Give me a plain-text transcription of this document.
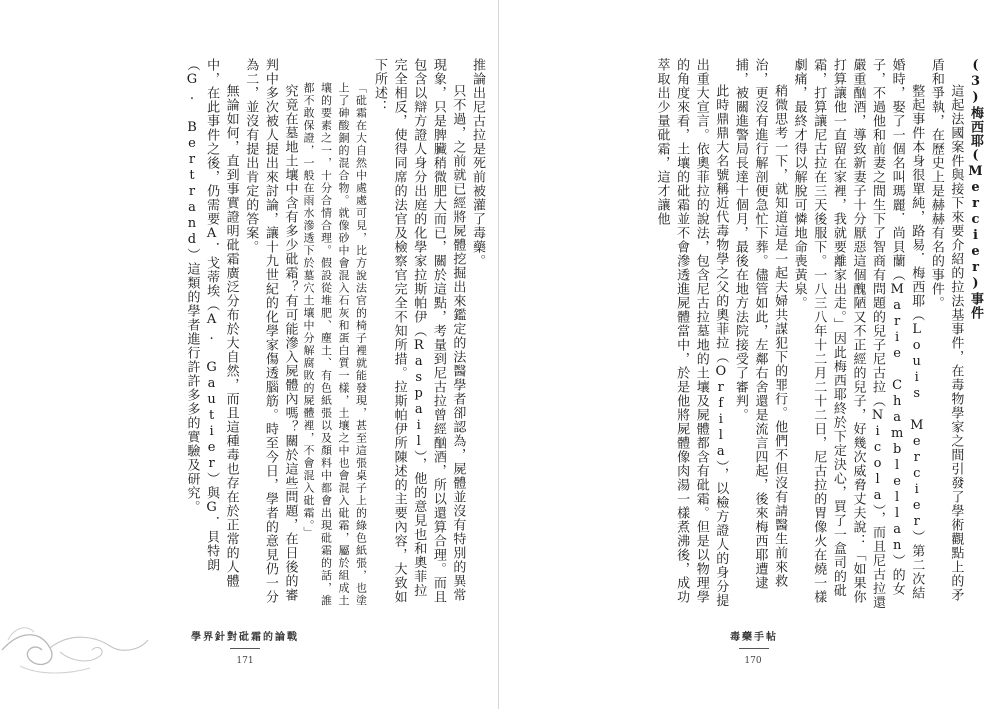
推論出尼古拉是死前被灌了毒藥。

只不過，之前就已經將屍體挖掘出來鑑定的法醫學者卻認為，屍體並沒有特別的異常現象，只是脾臟稍微肥大而已，關於這點，考量到尼古拉曾經酗酒，所以還算合理。而且包含以辯方證人身分出庭的化學家拉斯帕伊（Raspail），他的意見也和奧菲拉完全相反，使得同席的法官及檢察官完全不知所措。拉斯帕伊所陳述的主要內容，大致如下所述：

「砒霜在大自然中處處可見，比方說法官的椅子裡就能發現，甚至這張桌子上的綠色紙張，也塗上了砷酸銅的混合物。就像砂中會混入石灰和蛋白質一樣，土壤之中也會混入砒霜，屬於組成土壤的要素之一，十分合情合理。假設從堆肥、塵土、有色紙張以及顏料中都會出現砒霜的話，誰都不敢保證，一般在雨水滲透下於墓穴土壤中分解腐敗的屍體裡，不會混入砒霜。」

究竟在墓地土壤中含有多少砒霜？有可能滲入屍體內嗎？關於這些問題，在日後的審判中多次被人提出來討論，讓十九世紀的化學家傷透腦筋。時至今日，學者的意見仍一分為二，並沒有提出肯定的答案。

無論如何，直到事實證明砒霜廣泛分布於大自然，而且這種毒也存在於正常的人體中，在此事件之後，仍需要A．戈蒂埃（A. Gautier）與G．貝特朗（G. Bertrand）這類的學者進行許許多多的實驗及研究。

學界針對砒霜的論戰
171

(3)梅西耶(Mercier)事件

這起法國案件與接下來要介紹的拉法基事件，在毒物學家之間引發了學術觀點上的矛盾和爭執，在歷史上是赫赫有名的事件。

整起事件本身很單純，路易．梅西耶（Louis Mercier）第二次結婚時，娶了一個名叫瑪麗．尚貝蘭（Marie Chamblellan）的女子，不過他和前妻之間生下了智商有問題的兒子尼古拉（Nicola），而且尼古拉還嚴重酗酒，導致新妻子十分厭惡這個醜陋又不正經的兒子，好幾次威脅丈夫說：「如果你打算讓他一直留在家裡，我就要離家出走。」因此梅西耶終於下定決心，買了一盒司的砒霜，打算讓尼古拉在三天後服下。一八三八年十二月二十二日，尼古拉的胃像火在燒一樣劇痛，最終才得以解脫可憐地命喪黃泉。

稍微思考一下，就知道這是一起夫婦共謀犯下的罪行。他們不但沒有請醫生前來救治，更沒有進行解剖便急忙下葬。儘管如此，左鄰右舍還是流言四起，後來梅西耶遭逮捕，被關進警局長達十個月，最後在地方法院接受了審判。

此時鼎鼎大名號稱近代毒物學之父的奧菲拉（Orfila），以檢方證人的身分提出重大宣言。依奧菲拉的說法，包含尼古拉墓地的土壤及屍體都含有砒霜。但是以物理學的角度來看，土壤的砒霜並不會滲透進屍體當中，於是他將屍體像肉湯一樣煮沸後，成功萃取出少量砒霜，這才讓他

毒藥手帖
170
